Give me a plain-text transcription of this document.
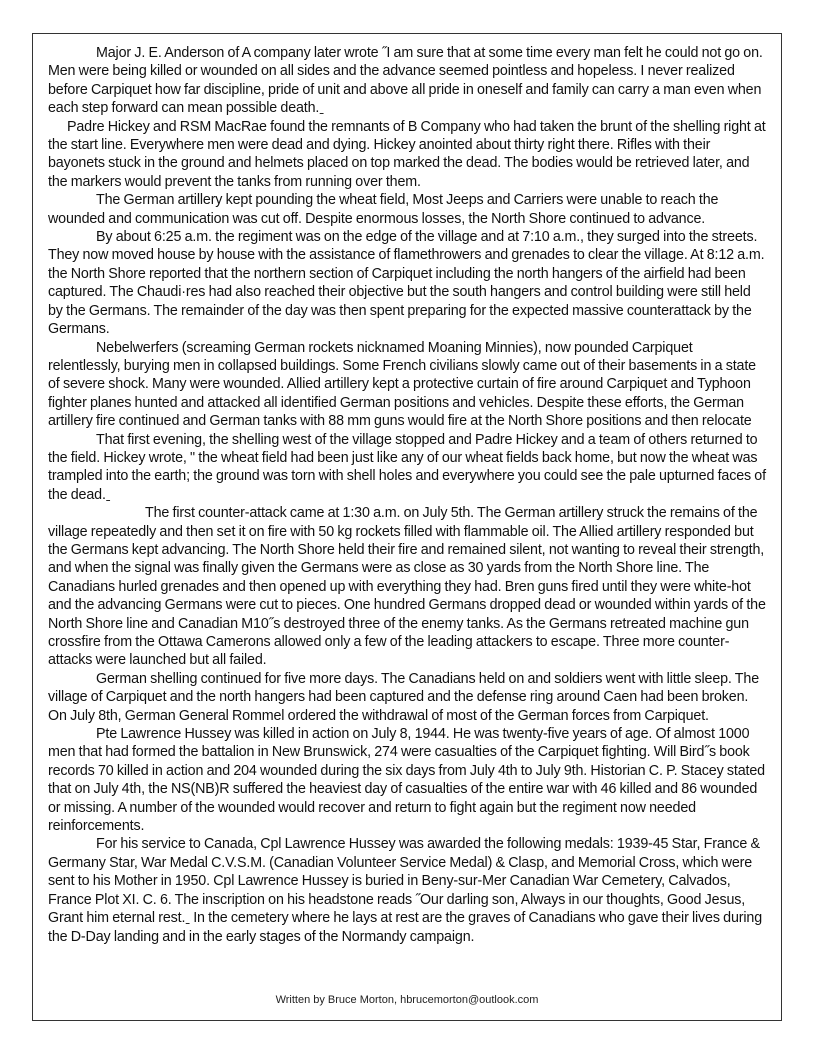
Major J. E. Anderson of A company later wrote ˝I am sure that at some time every man felt he could not go on. Men were being killed or wounded on all sides and the advance seemed pointless and hopeless. I never realized before Carpiquet how far discipline, pride of unit and above all pride in oneself and family can carry a man even when each step forward can mean possible death.ˍ

Padre Hickey and RSM MacRae found the remnants of B Company who had taken the brunt of the shelling right at the start line. Everywhere men were dead and dying. Hickey anointed about thirty right there. Rifles with their bayonets stuck in the ground and helmets placed on top marked the dead. The bodies would be retrieved later, and the markers would prevent the tanks from running over them.

The German artillery kept pounding the wheat field, Most Jeeps and Carriers were unable to reach the wounded and communication was cut off. Despite enormous losses, the North Shore continued to advance.

By about 6:25 a.m. the regiment was on the edge of the village and at 7:10 a.m., they surged into the streets. They now moved house by house with the assistance of flamethrowers and grenades to clear the village. At 8:12 a.m. the North Shore reported that the northern section of Carpiquet including the north hangers of the airfield had been captured. The Chaudi·res had also reached their objective but the south hangers and control building were still held by the Germans. The remainder of the day was then spent preparing for the expected massive counterattack by the Germans.

Nebelwerfers (screaming German rockets nicknamed Moaning Minnies), now pounded Carpiquet relentlessly, burying men in collapsed buildings. Some French civilians slowly came out of their basements in a state of severe shock. Many were wounded. Allied artillery kept a protective curtain of fire around Carpiquet and Typhoon fighter planes hunted and attacked all identified German positions and vehicles. Despite these efforts, the German artillery fire continued and German tanks with 88 mm guns would fire at the North Shore positions and then relocate

That first evening, the shelling west of the village stopped and Padre Hickey and a team of others returned to the field. Hickey wrote, " the wheat field had been just like any of our wheat fields back home, but now the wheat was trampled into the earth; the ground was torn with shell holes and everywhere you could see the pale upturned faces of the dead.ˍ

The first counter-attack came at 1:30 a.m. on July 5th. The German artillery struck the remains of the village repeatedly and then set it on fire with 50 kg rockets filled with flammable oil. The Allied artillery responded but the Germans kept advancing. The North Shore held their fire and remained silent, not wanting to reveal their strength, and when the signal was finally given the Germans were as close as 30 yards from the North Shore line. The Canadians hurled grenades and then opened up with everything they had. Bren guns fired until they were white-hot and the advancing Germans were cut to pieces. One hundred Germans dropped dead or wounded within yards of the North Shore line and Canadian M10˝s destroyed three of the enemy tanks. As the Germans retreated machine gun crossfire from the Ottawa Camerons allowed only a few of the leading attackers to escape. Three more counter-attacks were launched but all failed.

German shelling continued for five more days. The Canadians held on and soldiers went with little sleep. The village of Carpiquet and the north hangers had been captured and the defense ring around Caen had been broken. On July 8th, German General Rommel ordered the withdrawal of most of the German forces from Carpiquet.

Pte Lawrence Hussey was killed in action on July 8, 1944. He was twenty-five years of age. Of almost 1000 men that had formed the battalion in New Brunswick, 274 were casualties of the Carpiquet fighting. Will Bird˝s book records 70 killed in action and 204 wounded during the six days from July 4th to July 9th. Historian C. P. Stacey stated that on July 4th, the NS(NB)R suffered the heaviest day of casualties of the entire war with 46 killed and 86 wounded or missing. A number of the wounded would recover and return to fight again but the regiment now needed reinforcements.

For his service to Canada, Cpl Lawrence Hussey was awarded the following medals: 1939-45 Star, France & Germany Star, War Medal C.V.S.M. (Canadian Volunteer Service Medal) & Clasp, and Memorial Cross, which were sent to his Mother in 1950. Cpl Lawrence Hussey is buried in Beny-sur-Mer Canadian War Cemetery, Calvados, France Plot XI. C. 6. The inscription on his headstone reads ˝Our darling son, Always in our thoughts, Good Jesus, Grant him eternal rest.ˍ In the cemetery where he lays at rest are the graves of Canadians who gave their lives during the D-Day landing and in the early stages of the Normandy campaign.

Written by Bruce Morton, hbrucemorton@outlook.com
